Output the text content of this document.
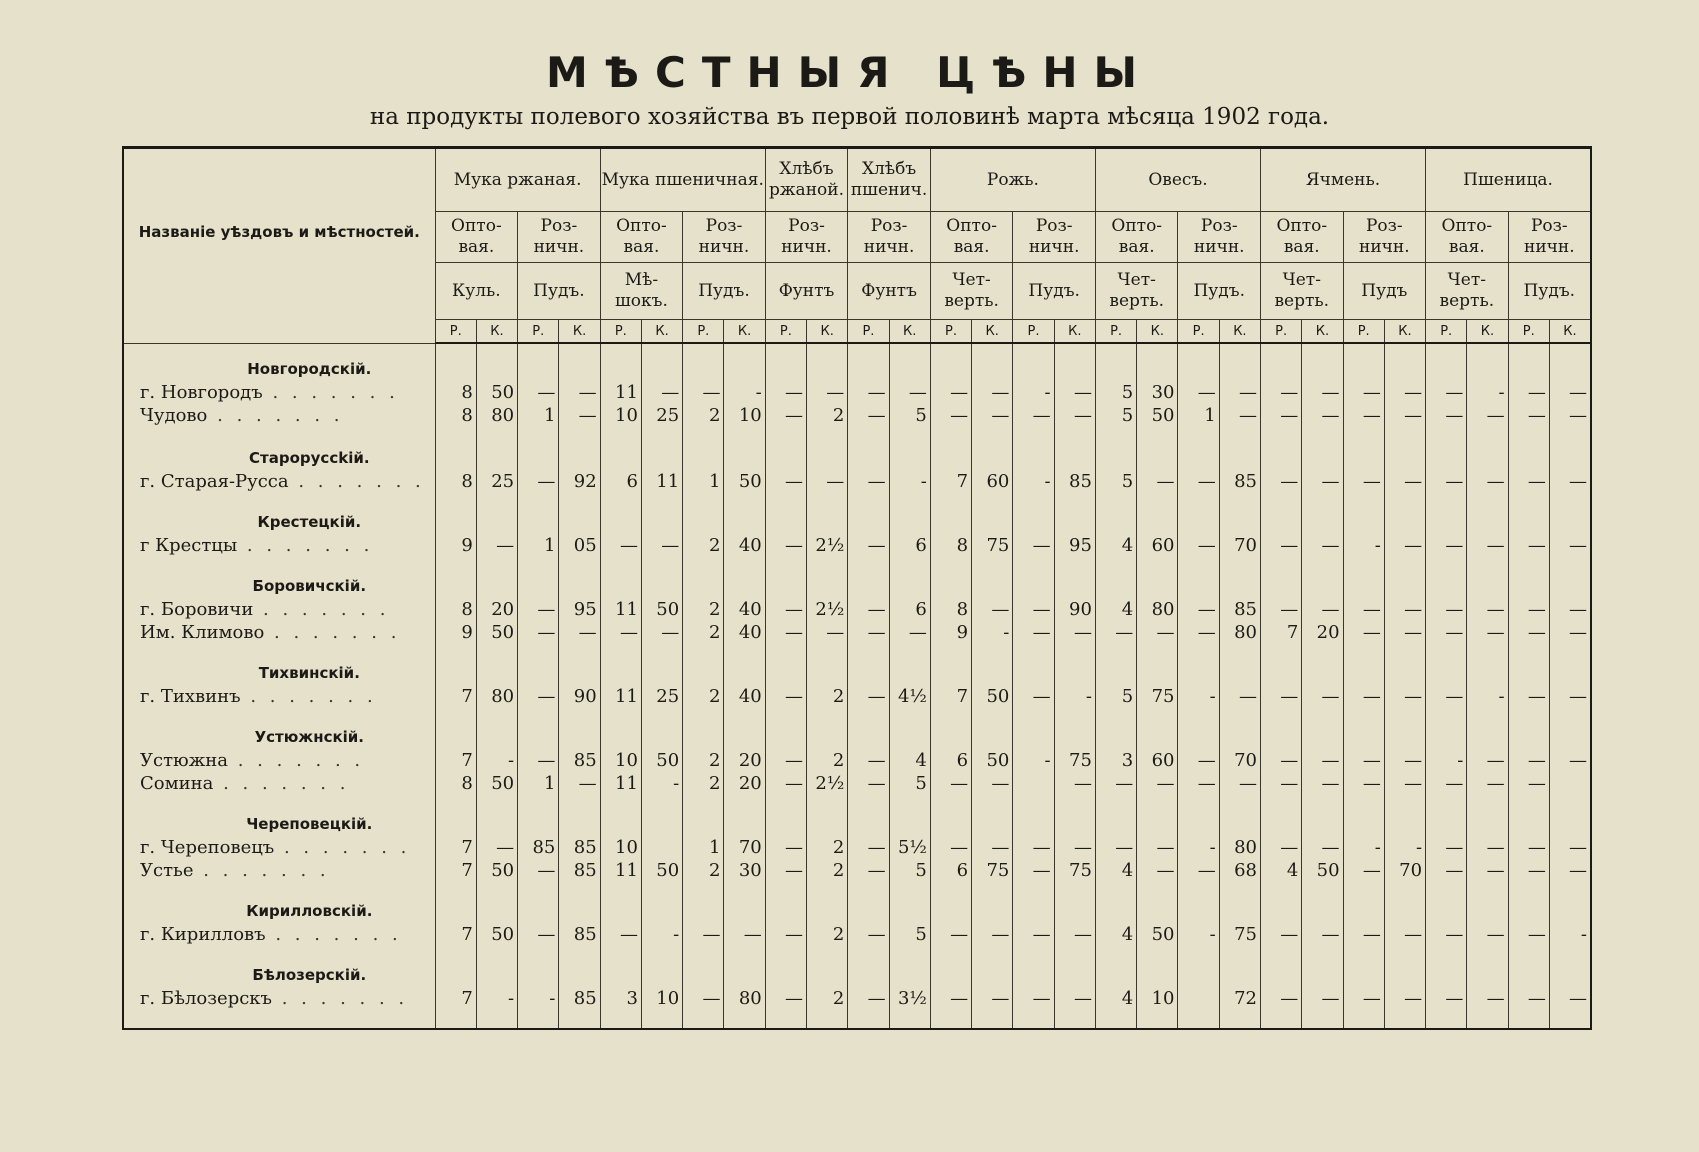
МѢСТНЫЯ ЦѢНЫ
на продукты полевого хозяйства въ первой половинѣ марта мѣсяца 1902 года.
Названіе уѣздовъ и мѣстностей.	Мука ржаная.				Мука пшеничная.				Хлѣбъ ржаной.		Хлѣбъ пшенич.		Рожь.				Овесъ.				Ячмень.				Пшеница.			
	Опто-вая.		Роз-ничн.		Опто-вая.		Роз-ничн.		Роз-ничн.		Роз-ничн.		Опто-вая.		Роз-ничн.		Опто-вая.		Роз-ничн.		Опто-вая.		Роз-ничн.		Опто-вая.		Роз-ничн.	
	Куль.		Пудъ.		Мѣ-шокъ.		Пудъ.		Фунтъ		Фунтъ		Чет-верть.		Пудъ.		Чет-верть.		Пудъ.		Чет-верть.		Пудъ		Чет-верть.		Пудъ.	
	Р.	К.	Р.	К.	Р.	К.	Р.	К.	Р.	К.	Р.	К.	Р.	К.	Р.	К.	Р.	К.	Р.	К.	Р.	К.	Р.	К.	Р.	К.	Р.	К.

Новгородскій.																												
г. Новгородъ . . . . . . .	8	50	—	—	11	—	—	-	—	—	—	—	—	—	-	—	5	30	—	—	—	—	—	—	—	-	—	—
Чудово . . . . . . .	8	80	1	—	10	25	2	10	—	2	—	5	—	—	—	—	5	50	1	—	—	—	—	—	—	—	—	—

Староруссkій.																												
г. Старая-Русса . . . . . . .	8	25	—	92	6	11	1	50	—	—	—	-	7	60	-	85	5	—	—	85	—	—	—	—	—	—	—	—

Крестецкій.																												
г Крестцы . . . . . . .	9	—	1	05	—	—	2	40	—	2½	—	6	8	75	—	95	4	60	—	70	—	—	-	—	—	—	—	—

Боровичскій.																												
г. Боровичи . . . . . . .	8	20	—	95	11	50	2	40	—	2½	—	6	8	—	—	90	4	80	—	85	—	—	—	—	—	—	—	—
Им. Климово . . . . . . .	9	50	—	—	—	—	2	40	—	—	—	—	9	-	—	—	—	—	—	80	7	20	—	—	—	—	—	—

Тихвинскій.																												
г. Тихвинъ . . . . . . .	7	80	—	90	11	25	2	40	—	2	—	4½	7	50	—	-	5	75	-	—	—	—	—	—	—	-	—	—

Устюжнскій.																												
Устюжна . . . . . . .	7	-	—	85	10	50	2	20	—	2	—	4	6	50	-	75	3	60	—	70	—	—	—	—	-	—	—	—
Сомина . . . . . . .	8	50	1	—	11	-	2	20	—	2½	—	5	—	—		—	—	—	—	—	—	—	—	—	—	—	—	

Череповецкій.																												
г. Череповецъ . . . . . . .	7	—	85	85	10		1	70	—	2	—	5½	—	—	—	—	—	—	-	80	—	—	-	-	—	—	—	—
Устье . . . . . . .	7	50	—	85	11	50	2	30	—	2	—	5	6	75	—	75	4	—	—	68	4	50	—	70	—	—	—	—

Кирилловскій.																												
г. Кирилловъ . . . . . . .	7	50	—	85	—	-	—	—	—	2	—	5	—	—	—	—	4	50	-	75	—	—	—	—	—	—	—	-

Бѣлозерскій.																												
г. Бѣлозерскъ . . . . . . .	7	-	-	85	3	10	—	80	—	2	—	3½	—	—	—	—	4	10		72	—	—	—	—	—	—	—	—
